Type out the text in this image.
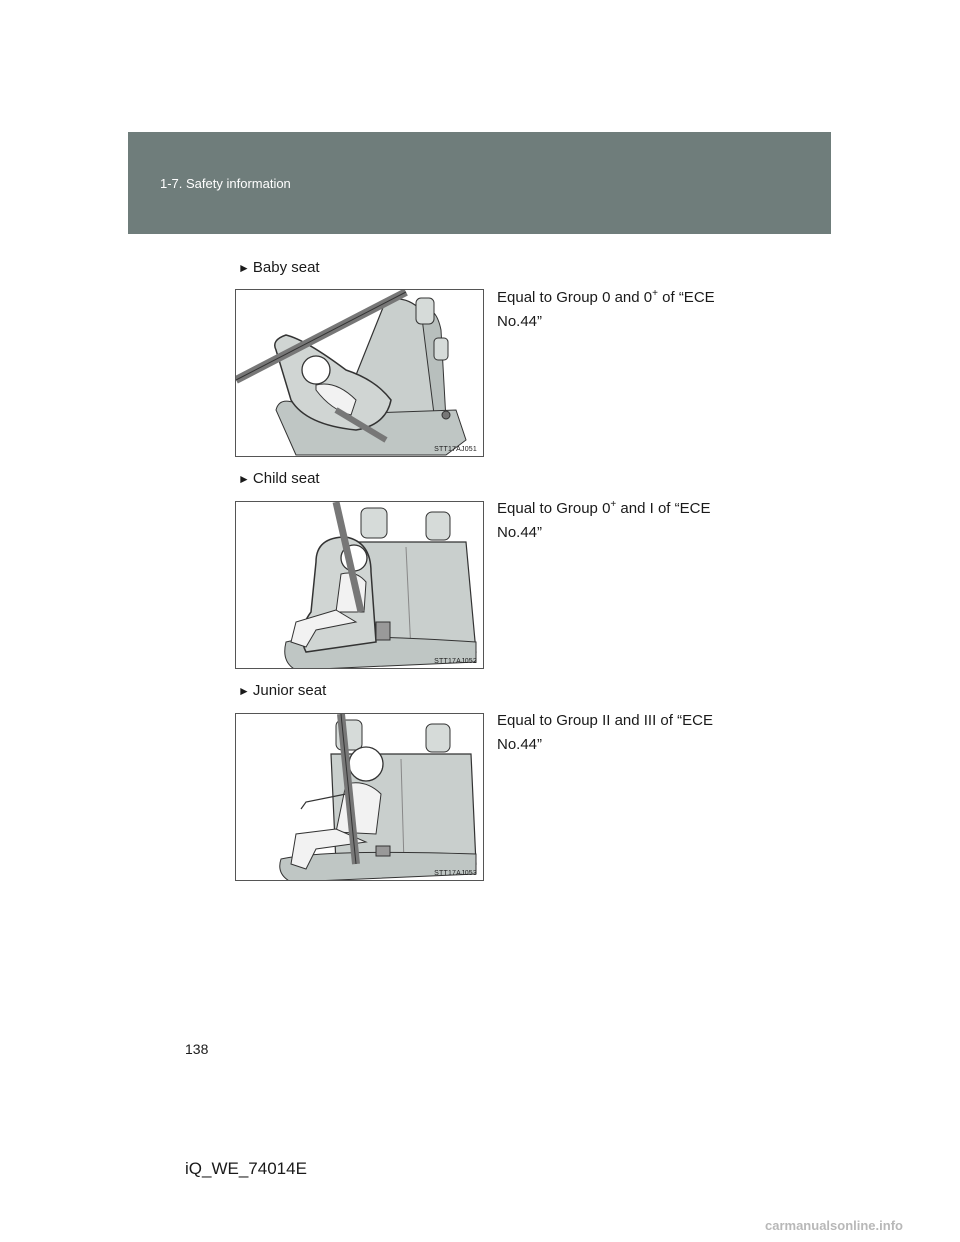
1-7. Safety information
► Baby seat
STT17AJ051
Equal to Group 0 and 0+ of “ECE
No.44”
► Child seat
STT17AJ052
Equal to Group 0+ and I of “ECE
No.44”
► Junior seat
STT17AJ053
Equal to Group II and III of “ECE
No.44”
138
iQ_WE_74014E
carmanualsonline.info
